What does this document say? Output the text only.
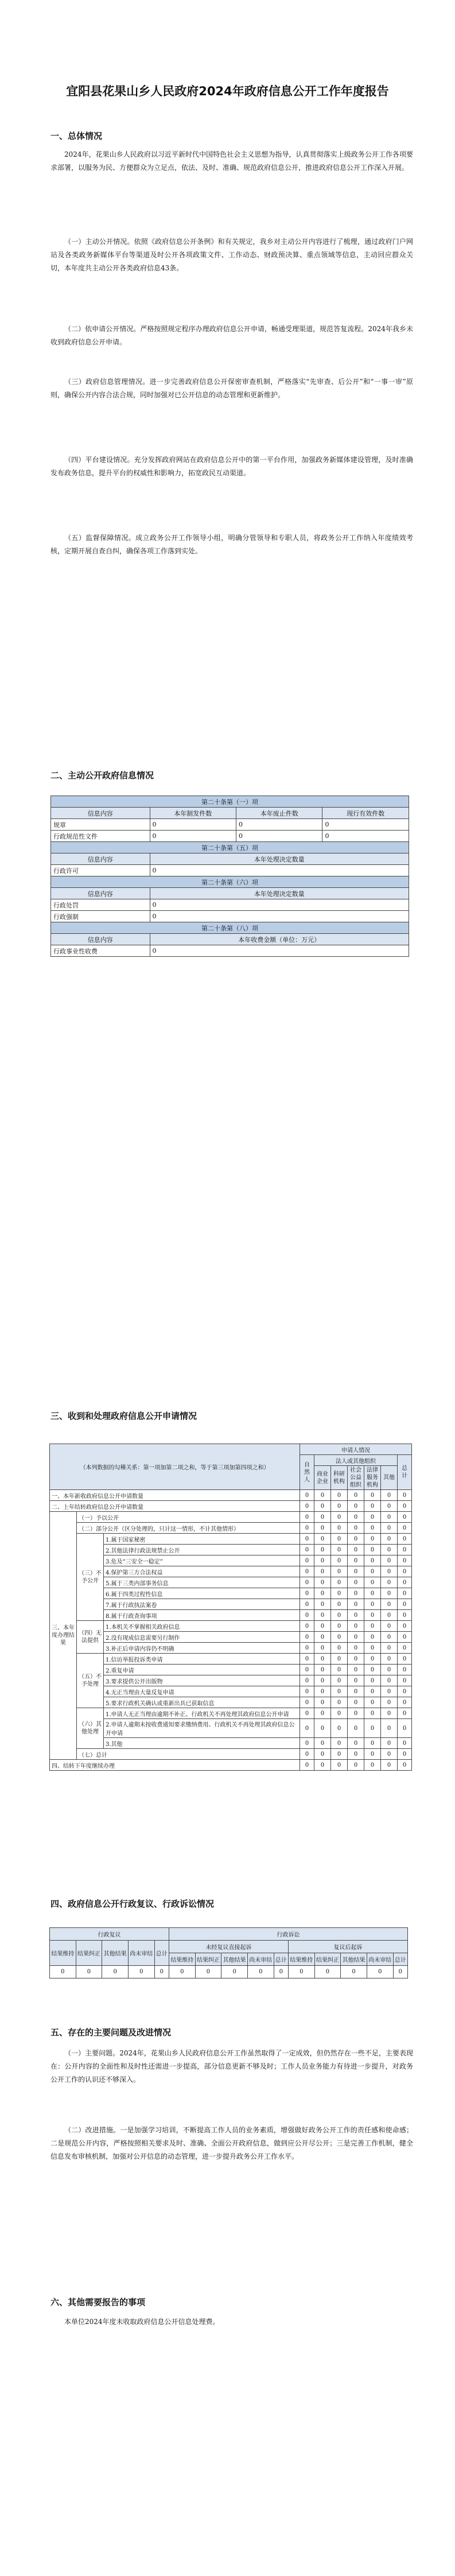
宜阳县花果山乡人民政府2024年政府信息公开工作年度报告
一、总体情况
2024年，花果山乡人民政府以习近平新时代中国特色社会主义思想为指导，认真贯彻落实上级政务公开工作各项要求部署，以服务为民、方便群众为立足点，依法、及时、准确、规范政府信息公开，推进政府信息公开工作深入开展。
（一）主动公开情况。依照《政府信息公开条例》和有关规定，我乡对主动公开内容进行了梳理，通过政府门户网站及各类政务新媒体平台等渠道及时公开各项政策文件、工作动态、财政预决算、重点领域等信息，主动回应群众关切，本年度共主动公开各类政府信息43条。
（二）依申请公开情况。严格按照规定程序办理政府信息公开申请，畅通受理渠道，规范答复流程。2024年我乡未收到政府信息公开申请。
（三）政府信息管理情况。进一步完善政府信息公开保密审查机制，严格落实“先审查、后公开”和“一事一审”原则，确保公开内容合法合规，同时加强对已公开信息的动态管理和更新维护。
（四）平台建设情况。充分发挥政府网站在政府信息公开中的第一平台作用，加强政务新媒体建设管理，及时准确发布政务信息，提升平台的权威性和影响力，拓宽政民互动渠道。
（五）监督保障情况。成立政务公开工作领导小组，明确分管领导和专职人员，将政务公开工作纳入年度绩效考核，定期开展自查自纠，确保各项工作落到实处。
二、主动公开政府信息情况
第二十条第（一）项			
信息内容	本年制发件数	本年废止件数	现行有效件数
规章	0	0	0
行政规范性文件	0	0	0
第二十条第（五）项			
信息内容	本年处理决定数量		
行政许可	0		
第二十条第（六）项			
信息内容	本年处理决定数量		
行政处罚	0		
行政强制	0		
第二十条第（八）项			
信息内容	本年收费金额（单位：万元）		
行政事业性收费	0		
三、收到和处理政府信息公开申请情况
（本列数据的勾稽关系：第一项加第二项之和，等于第三项加第四项之和）			申请人情况						
			自然人	法人或其他组织					总计
				商业企业	科研机构	社会公益组织	法律服务机构	其他	
一、本年新收政府信息公开申请数量			0	0	0	0	0	0	0
二、上年结转政府信息公开申请数量			0	0	0	0	0	0	0
三、本年度办理结果	（一）予以公开		0	0	0	0	0	0	0
	（二）部分公开（区分处理的，只计这一情形，不计其他情形）		0	0	0	0	0	0	0
	（三）不予公开	1.属于国家秘密	0	0	0	0	0	0	0
		2.其他法律行政法规禁止公开	0	0	0	0	0	0	0
		3.危及“三安全一稳定”	0	0	0	0	0	0	0
		4.保护第三方合法权益	0	0	0	0	0	0	0
		5.属于三类内部事务信息	0	0	0	0	0	0	0
		6.属于四类过程性信息	0	0	0	0	0	0	0
		7.属于行政执法案卷	0	0	0	0	0	0	0
		8.属于行政查询事项	0	0	0	0	0	0	0
	（四）无法提供	1.本机关不掌握相关政府信息	0	0	0	0	0	0	0
		2.没有现成信息需要另行制作	0	0	0	0	0	0	0
		3.补正后申请内容仍不明确	0	0	0	0	0	0	0
	（五）不予处理	1.信访举报投诉类申请	0	0	0	0	0	0	0
		2.重复申请	0	0	0	0	0	0	0
		3.要求提供公开出版物	0	0	0	0	0	0	0
		4.无正当理由大量反复申请	0	0	0	0	0	0	0
		5.要求行政机关确认或重新出具已获取信息	0	0	0	0	0	0	0
	（六）其他处理	1.申请人无正当理由逾期不补正、行政机关不再处理其政府信息公开申请	0	0	0	0	0	0	0
		2.申请人逾期未按收费通知要求缴纳费用、行政机关不再处理其政府信息公开申请	0	0	0	0	0	0	0
		3.其他	0	0	0	0	0	0	0
	（七）总计		0	0	0	0	0	0	0
四、结转下年度继续办理			0	0	0	0	0	0	0
四、政府信息公开行政复议、行政诉讼情况
行政复议					行政诉讼									
结果维持	结果纠正	其他结果	尚未审结	总计	未经复议直接起诉					复议后起诉				
					结果维持	结果纠正	其他结果	尚未审结	总计	结果维持	结果纠正	其他结果	尚未审结	总计
0	0	0	0	0	0	0	0	0	0	0	0	0	0	0
五、存在的主要问题及改进情况
（一）主要问题。2024年，花果山乡人民政府信息公开工作虽然取得了一定成效，但仍然存在一些不足，主要表现在：公开内容的全面性和及时性还需进一步提高，部分信息更新不够及时；工作人员业务能力有待进一步提升，对政务公开工作的认识还不够深入。
（二）改进措施。一是加强学习培训，不断提高工作人员的业务素质，增强做好政务公开工作的责任感和使命感；二是规范公开内容，严格按照相关要求及时、准确、全面公开政府信息，做到应公开尽公开；三是完善工作机制，健全信息发布审核机制，加强对公开信息的动态管理，进一步提升政务公开工作水平。
六、其他需要报告的事项
本单位2024年度未收取政府信息公开信息处理费。
